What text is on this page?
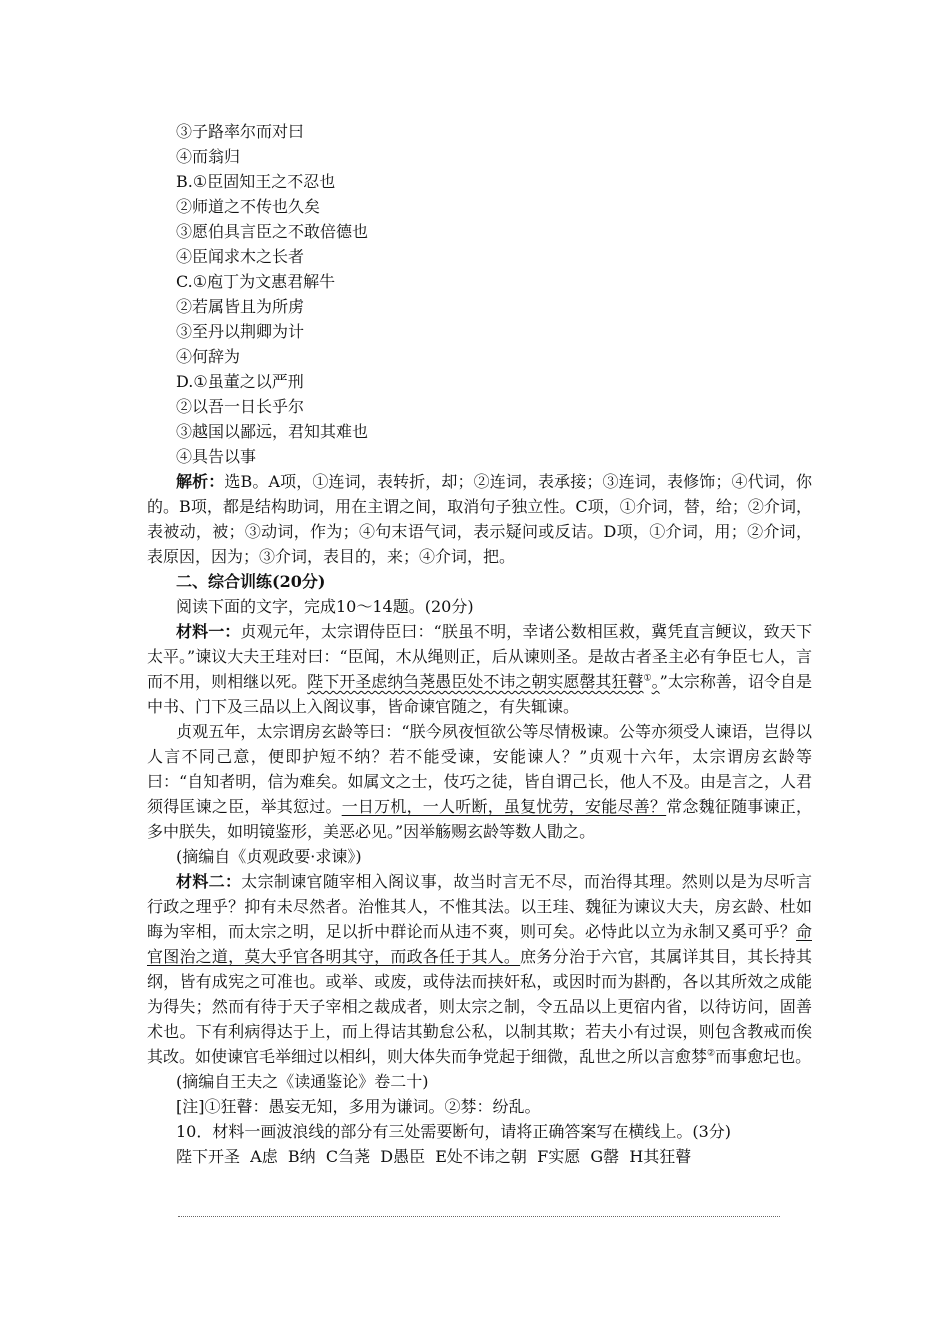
③子路率尔而对曰
④而翁归
B.①臣固知王之不忍也
②师道之不传也久矣
③愿伯具言臣之不敢倍德也
④臣闻求木之长者
C.①庖丁为文惠君解牛
②若属皆且为所虏
③至丹以荆卿为计
④何辞为
D.①虽董之以严刑
②以吾一日长乎尔
③越国以鄙远，君知其难也
④具告以事
解析：选B。A项，①连词，表转折，却；②连词，表承接；③连词，表修饰；④代词，你的。B项，都是结构助词，用在主谓之间，取消句子独立性。C项，①介词，替，给；②介词，表被动，被；③动词，作为；④句末语气词，表示疑问或反诘。D项，①介词，用；②介词，表原因，因为；③介词，表目的，来；④介词，把。
二、综合训练(20分)
阅读下面的文字，完成10～14题。(20分)
材料一：贞观元年，太宗谓侍臣曰：“朕虽不明，幸诸公数相匡救，冀凭直言鲠议，致天下太平。”谏议大夫王珪对曰：“臣闻，木从绳则正，后从谏则圣。是故古者圣主必有争臣七人，言而不用，则相继以死。陛下开圣虑纳刍荛愚臣处不讳之朝实愿罄其狂瞽①。”太宗称善，诏令自是中书、门下及三品以上入阁议事，皆命谏官随之，有失辄谏。
贞观五年，太宗谓房玄龄等曰：“朕今夙夜恒欲公等尽情极谏。公等亦须受人谏语，岂得以人言不同己意，便即护短不纳？若不能受谏，安能谏人？”贞观十六年，太宗谓房玄龄等曰：“自知者明，信为难矣。如属文之士，伎巧之徒，皆自谓己长，他人不及。由是言之，人君须得匡谏之臣，举其愆过。一日万机，一人听断，虽复忧劳，安能尽善？常念魏征随事谏正，多中朕失，如明镜鉴形，美恶必见。”因举觞赐玄龄等数人勖之。
(摘编自《贞观政要·求谏》)
材料二：太宗制谏官随宰相入阁议事，故当时言无不尽，而治得其理。然则以是为尽听言行政之理乎？抑有未尽然者。治惟其人，不惟其法。以王珪、魏征为谏议大夫，房玄龄、杜如晦为宰相，而太宗之明，足以折中群论而从违不爽，则可矣。必恃此以立为永制又奚可乎？命官图治之道，莫大乎官各明其守，而政各任于其人。庶务分治于六官，其属详其目，其长持其纲，皆有成宪之可准也。或举、或废，或侍法而挟奸私，或因时而为斟酌，各以其所效之成能为得失；然而有待于天子宰相之裁成者，则太宗之制，令五品以上更宿内省，以待访问，固善术也。下有利病得达于上，而上得诘其勤怠公私，以制其欺；若夫小有过误，则包含教戒而俟其改。如使谏官毛举细过以相纠，则大体失而争党起于细微，乱世之所以言愈棼②而事愈圮也。
(摘编自王夫之《读通鉴论》卷二十)
[注]①狂瞽：愚妄无知，多用为谦词。②棼：纷乱。
10．材料一画波浪线的部分有三处需要断句，请将正确答案写在横线上。(3分)
陛下开圣  A虑  B纳  C刍荛  D愚臣  E处不讳之朝  F实愿  G罄  H其狂瞽
